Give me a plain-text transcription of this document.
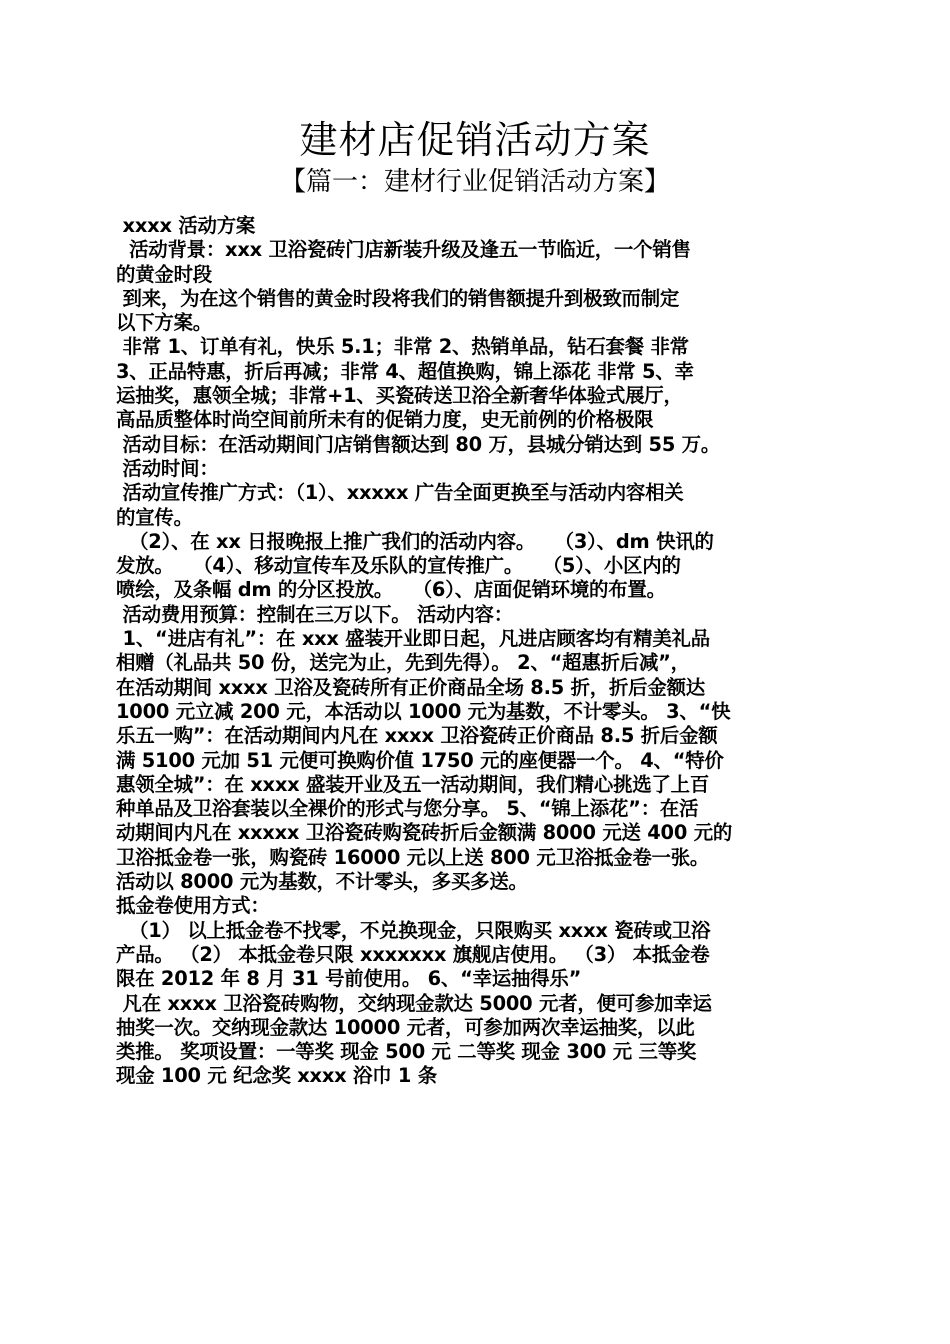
建材店促销活动方案
【篇一：建材行业促销活动方案】
xxxx 活动方案
活动背景：xxx 卫浴瓷砖门店新装升级及逢五一节临近，一个销售
的黄金时段
到来，为在这个销售的黄金时段将我们的销售额提升到极致而制定
以下方案。
非常 1、订单有礼，快乐 5.1；非常 2、热销单品，钻石套餐 非常
3、正品特惠，折后再减；非常 4、超值换购，锦上添花 非常 5、幸
运抽奖，惠领全城；非常+1、买瓷砖送卫浴全新奢华体验式展厅，
高品质整体时尚空间前所未有的促销力度，史无前例的价格极限
活动目标：在活动期间门店销售额达到 80 万，县城分销达到 55 万。
活动时间：
活动宣传推广方式：（1）、xxxxx 广告全面更换至与活动内容相关
的宣传。
（2）、在 xx 日报晚报上推广我们的活动内容。   （3）、dm 快讯的
发放。   （4）、移动宣传车及乐队的宣传推广。   （5）、小区内的
喷绘，及条幅 dm 的分区投放。   （6）、店面促销环境的布置。
活动费用预算：控制在三万以下。 活动内容：
1、“进店有礼”：在 xxx 盛装开业即日起，凡进店顾客均有精美礼品
相赠（礼品共 50 份，送完为止，先到先得）。 2、“超惠折后减”，
在活动期间 xxxx 卫浴及瓷砖所有正价商品全场 8.5 折，折后金额达
1000 元立减 200 元，本活动以 1000 元为基数，不计零头。 3、“快
乐五一购”：在活动期间内凡在 xxxx 卫浴瓷砖正价商品 8.5 折后金额
满 5100 元加 51 元便可换购价值 1750 元的座便器一个。 4、“特价
惠领全城”：在 xxxx 盛装开业及五一活动期间，我们精心挑选了上百
种单品及卫浴套装以全裸价的形式与您分享。 5、“锦上添花”：在活
动期间内凡在 xxxxx 卫浴瓷砖购瓷砖折后金额满 8000 元送 400 元的
卫浴抵金卷一张，购瓷砖 16000 元以上送 800 元卫浴抵金卷一张。
活动以 8000 元为基数，不计零头，多买多送。
抵金卷使用方式：
（1） 以上抵金卷不找零，不兑换现金，只限购买 xxxx 瓷砖或卫浴
产品。 （2） 本抵金卷只限 xxxxxxx 旗舰店使用。 （3） 本抵金卷
限在 2012 年 8 月 31 号前使用。 6、“幸运抽得乐”
凡在 xxxx 卫浴瓷砖购物，交纳现金款达 5000 元者，便可参加幸运
抽奖一次。交纳现金款达 10000 元者，可参加两次幸运抽奖，以此
类推。 奖项设置：一等奖 现金 500 元 二等奖 现金 300 元 三等奖
现金 100 元 纪念奖 xxxx 浴巾 1 条
